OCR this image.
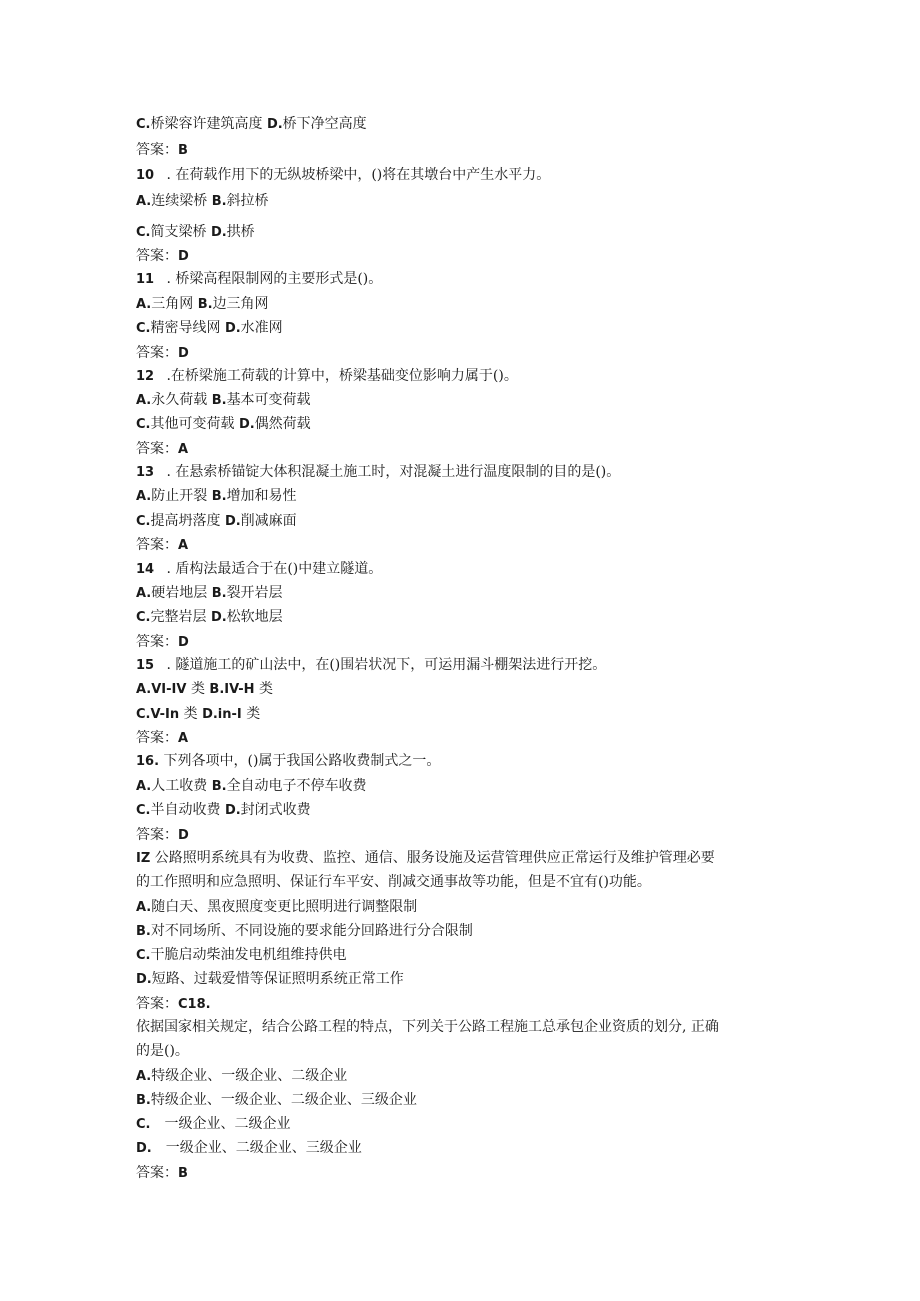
C.桥梁容许建筑高度 D.桥下净空高度
答案：B
10 . 在荷载作用下的无纵坡桥梁中，()将在其墩台中产生水平力。
A.连续梁桥 B.斜拉桥
C.简支梁桥 D.拱桥
答案：D
11 . 桥梁高程限制网的主要形式是()。
A.三角网 B.边三角网
C.精密导线网 D.水准网
答案：D
12 .在桥梁施工荷载的计算中，桥梁基础变位影响力属于()。
A.永久荷载 B.基本可变荷载
C.其他可变荷载 D.偶然荷载
答案：A
13 . 在悬索桥锚锭大体积混凝土施工时，对混凝土进行温度限制的目的是()。
A.防止开裂 B.增加和易性
C.提高坍落度 D.削减麻面
答案：A
14 . 盾构法最适合于在()中建立隧道。
A.硬岩地层 B.裂开岩层
C.完整岩层 D.松软地层
答案：D
15 . 隧道施工的矿山法中，在()围岩状况下，可运用漏斗棚架法进行开挖。
A.VI-IV 类 B.IV-H 类
C.V-In 类 D.in-I 类
答案：A
16. 下列各项中，()属于我国公路收费制式之一。
A.人工收费 B.全自动电子不停车收费
C.半自动收费 D.封闭式收费
答案：D
IZ 公路照明系统具有为收费、监控、通信、服务设施及运营管理供应正常运行及维护管理必要
的工作照明和应急照明、保证行车平安、削减交通事故等功能，但是不宜有()功能。
A.随白天、黑夜照度变更比照明进行调整限制
B.对不同场所、不同设施的要求能分回路进行分合限制
C.干脆启动柴油发电机组维持供电
D.短路、过载爱惜等保证照明系统正常工作
答案：C18.
依据国家相关规定，结合公路工程的特点，下列关于公路工程施工总承包企业资质的划分, 正确
的是()。
A.特级企业、一级企业、二级企业
B.特级企业、一级企业、二级企业、三级企业
C.　一级企业、二级企业
D.　一级企业、二级企业、三级企业
答案：B
